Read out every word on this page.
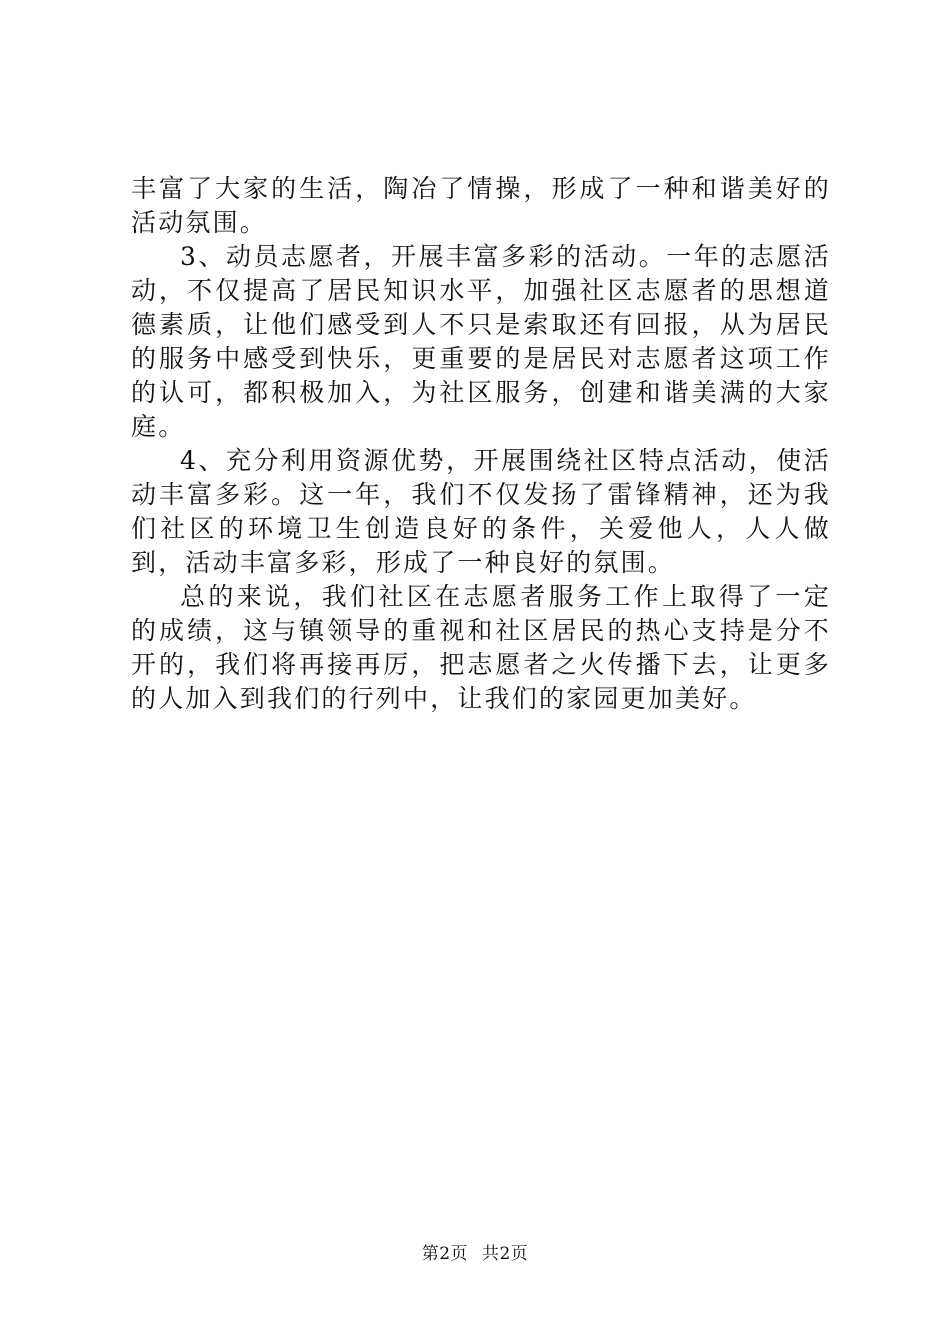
丰富了大家的生活，陶冶了情操，形成了一种和谐美好的活动氛围。

3、动员志愿者，开展丰富多彩的活动。一年的志愿活动，不仅提高了居民知识水平，加强社区志愿者的思想道德素质，让他们感受到人不只是索取还有回报，从为居民的服务中感受到快乐，更重要的是居民对志愿者这项工作的认可，都积极加入，为社区服务，创建和谐美满的大家庭。

4、充分利用资源优势，开展围绕社区特点活动，使活动丰富多彩。这一年，我们不仅发扬了雷锋精神，还为我们社区的环境卫生创造良好的条件，关爱他人，人人做到，活动丰富多彩，形成了一种良好的氛围。

总的来说，我们社区在志愿者服务工作上取得了一定的成绩，这与镇领导的重视和社区居民的热心支持是分不开的，我们将再接再厉，把志愿者之火传播下去，让更多的人加入到我们的行列中，让我们的家园更加美好。

第2页 共2页
